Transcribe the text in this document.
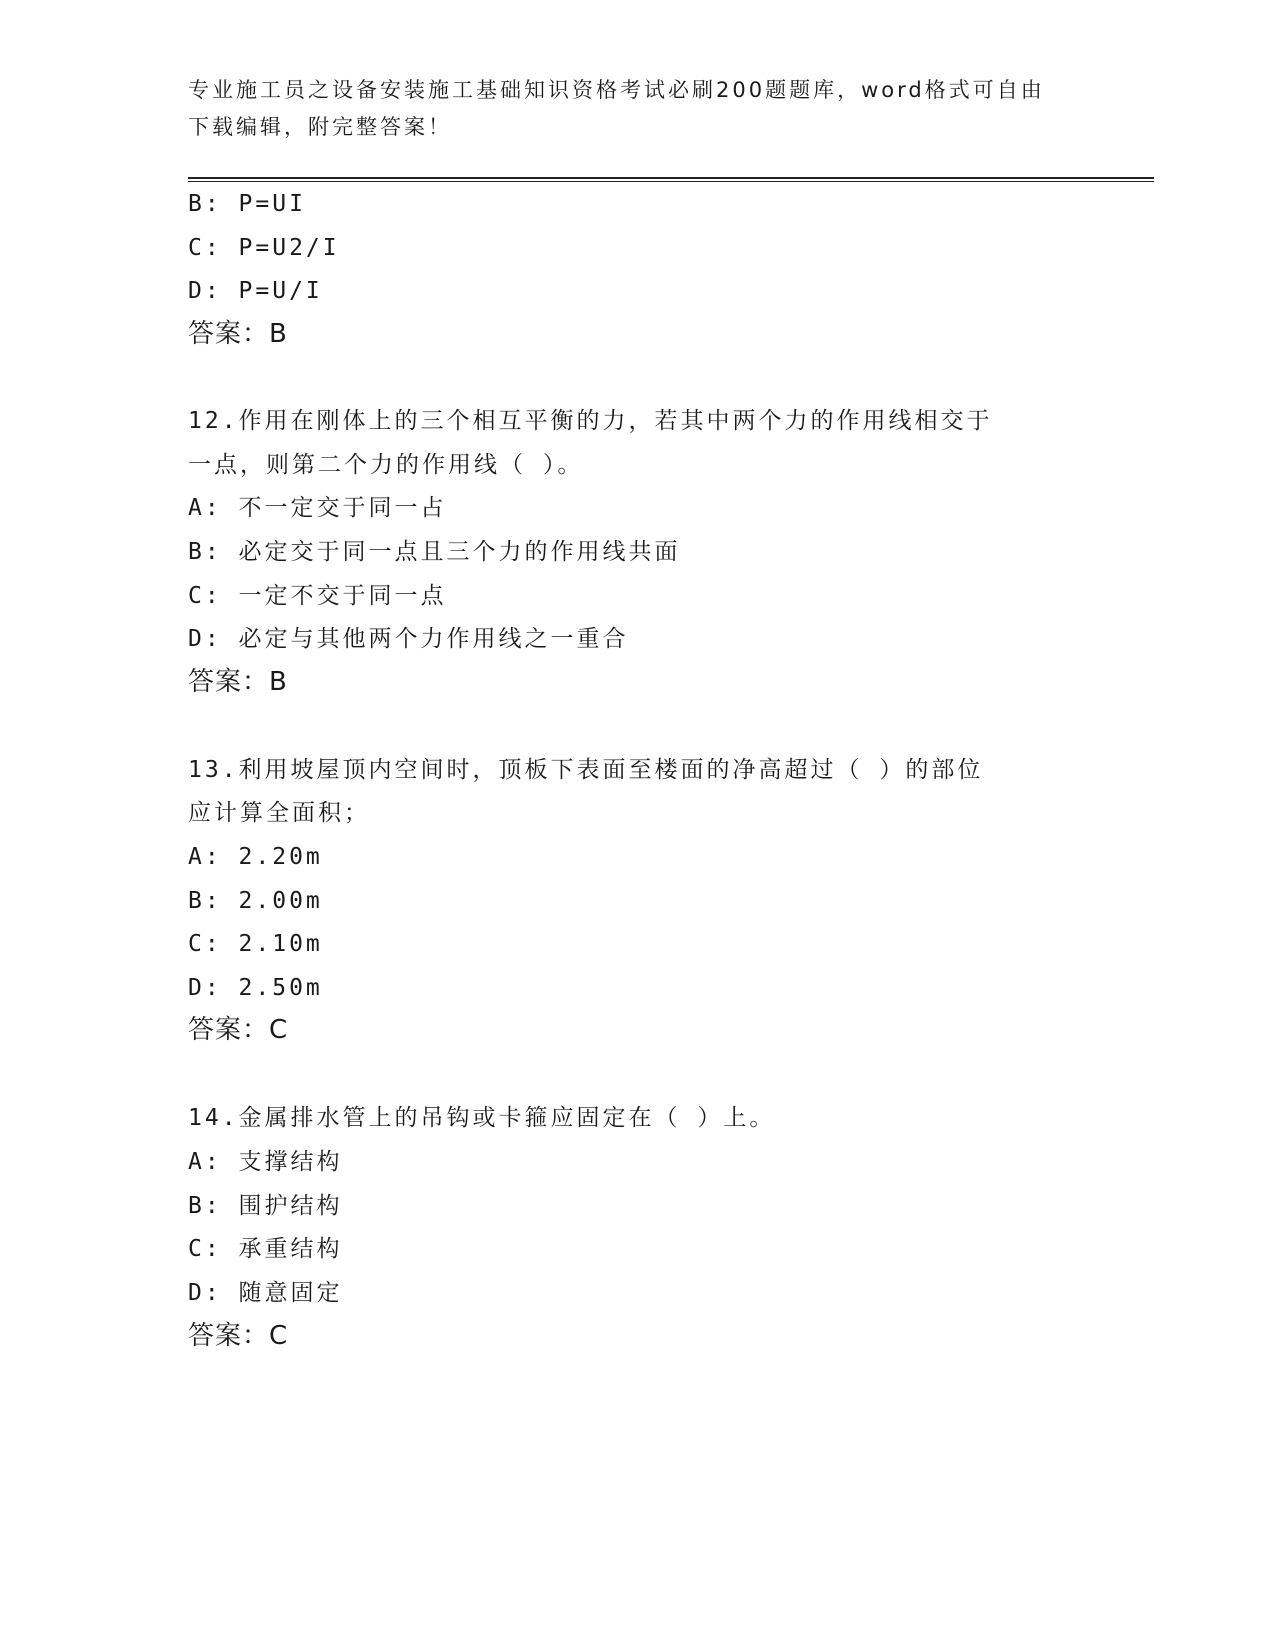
专业施工员之设备安装施工基础知识资格考试必刷200题题库，word格式可自由
下载编辑，附完整答案！
B: P=UI
C: P=U2/I
D: P=U/I
答案：B
12.作用在刚体上的三个相互平衡的力，若其中两个力的作用线相交于
一点，则第二个力的作用线（ ）。
A: 不一定交于同一占
B: 必定交于同一点且三个力的作用线共面
C: 一定不交于同一点
D: 必定与其他两个力作用线之一重合
答案：B
13.利用坡屋顶内空间时，顶板下表面至楼面的净高超过（ ）的部位
应计算全面积；
A: 2.20m
B: 2.00m
C: 2.10m
D: 2.50m
答案：C
14.金属排水管上的吊钩或卡箍应固定在（ ）上。
A: 支撑结构
B: 围护结构
C: 承重结构
D: 随意固定
答案：C
